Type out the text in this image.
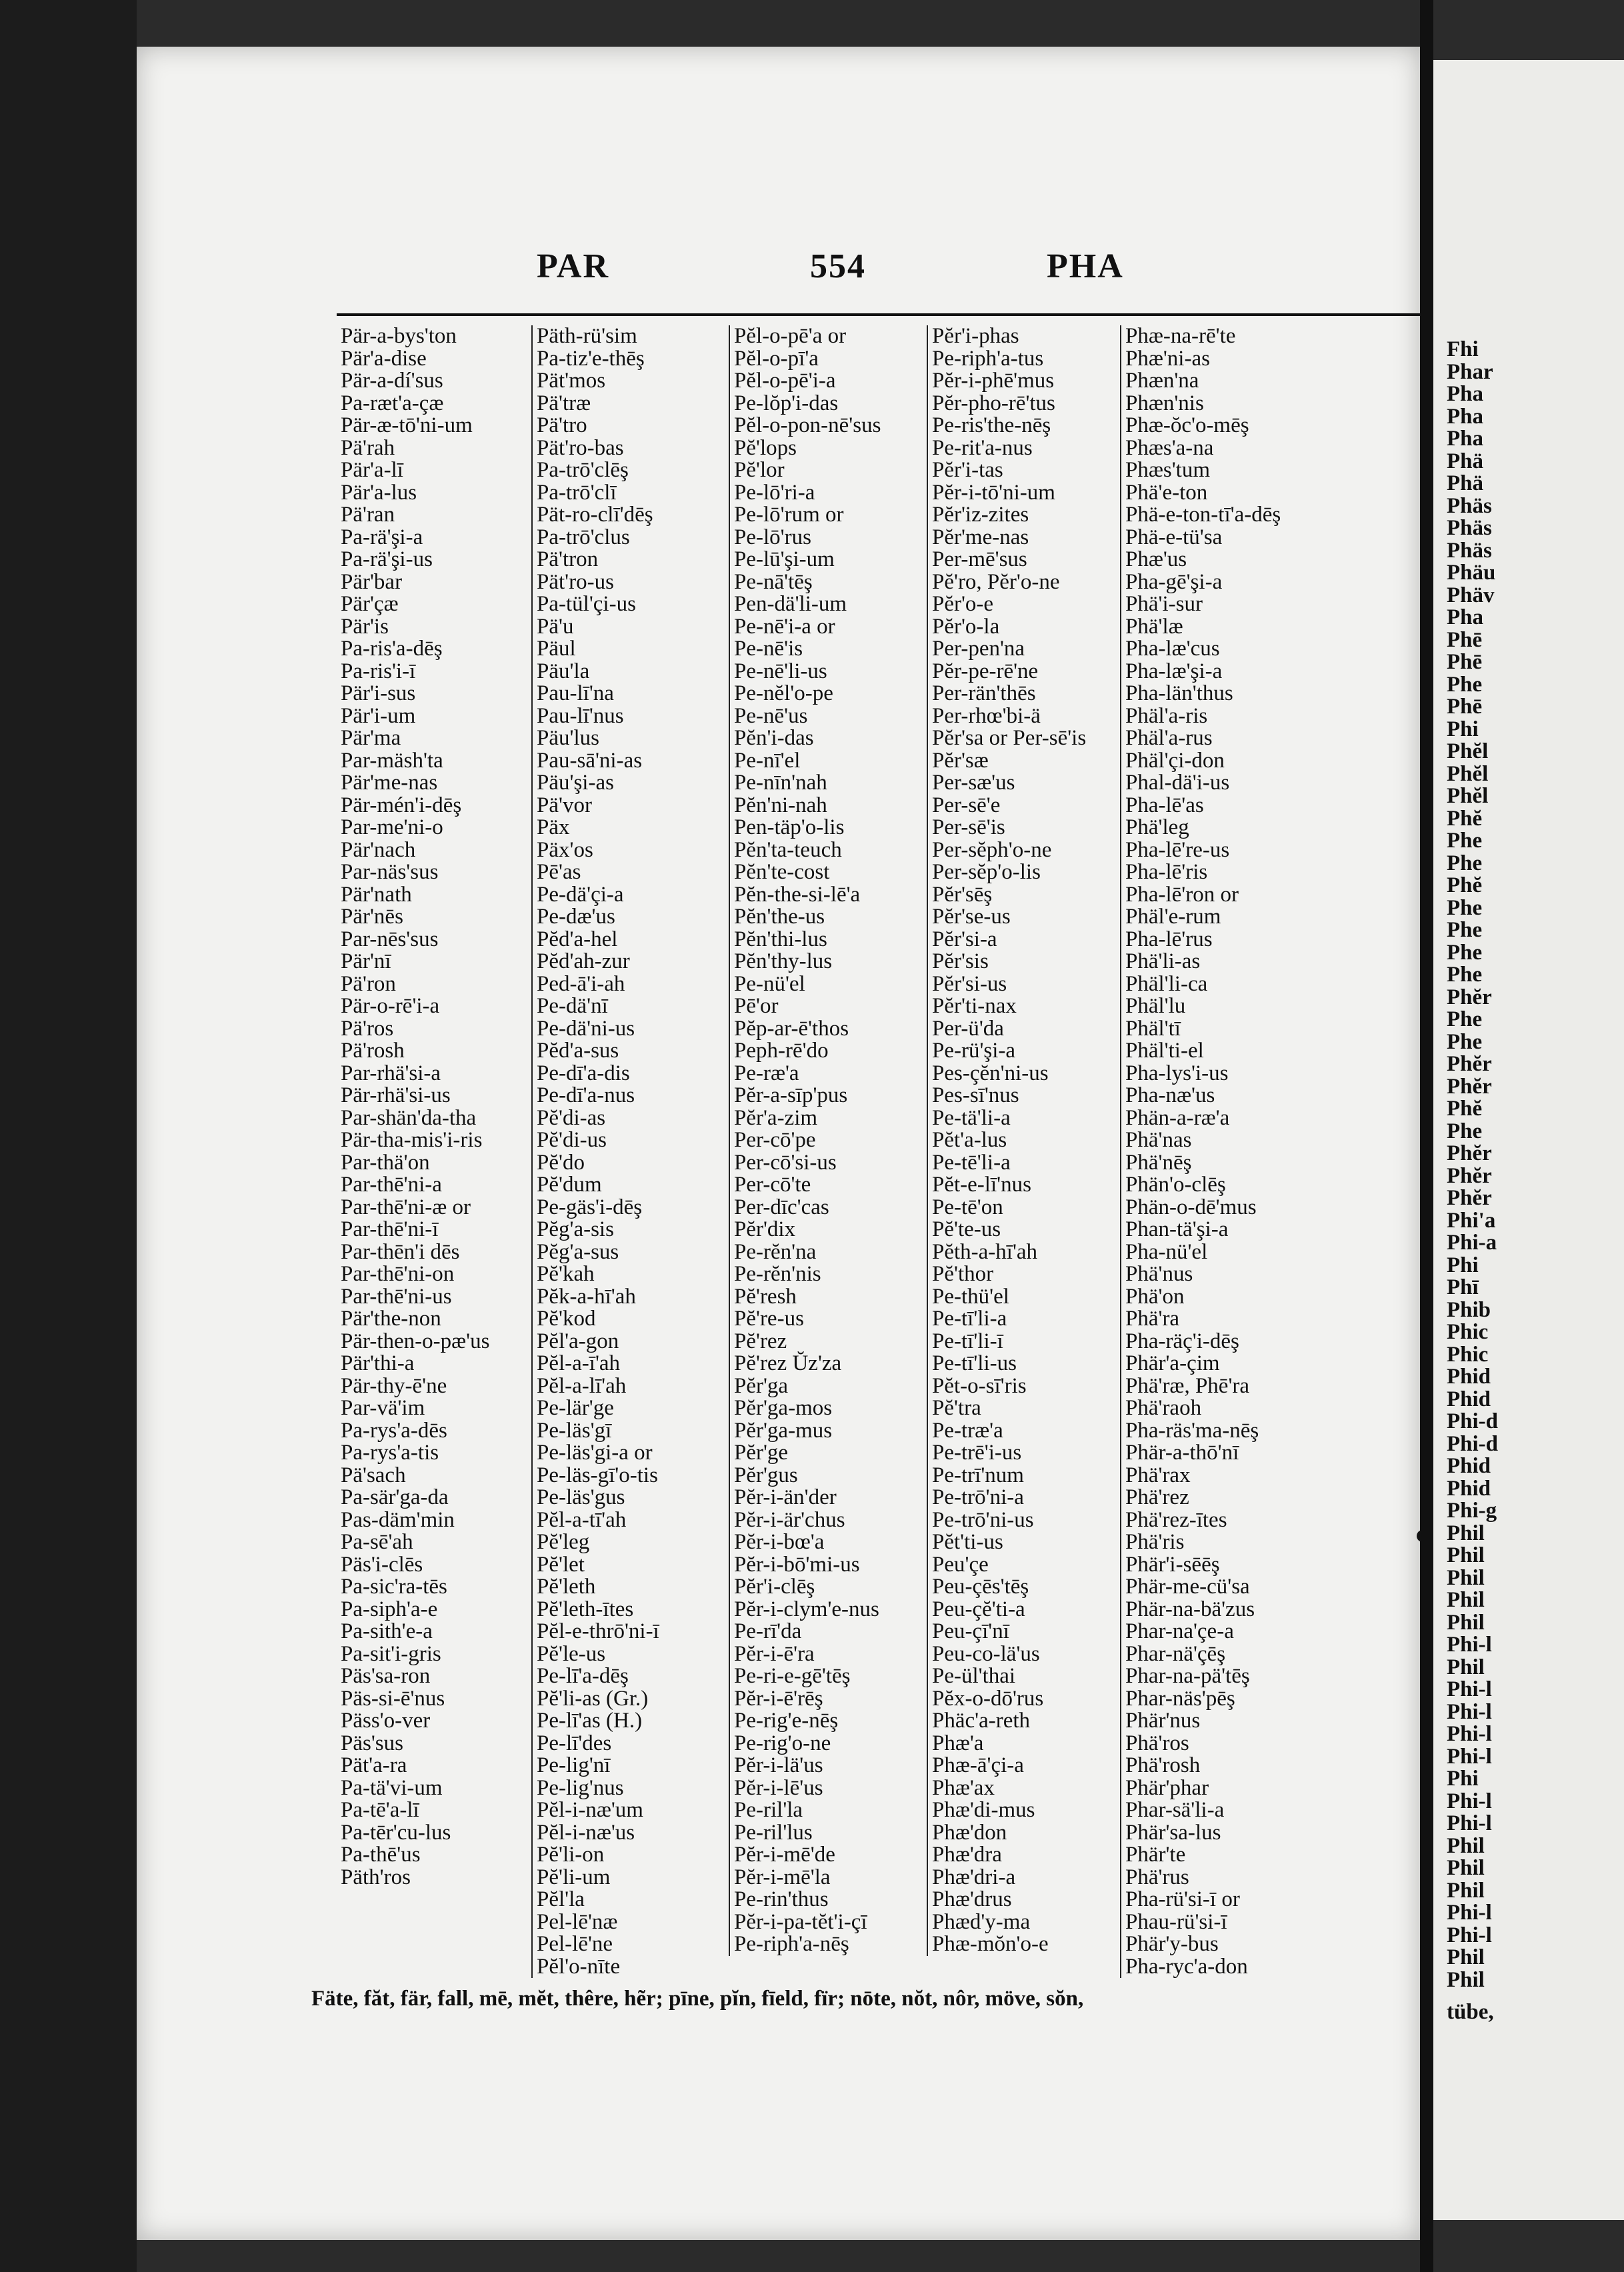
PAR	554	PHA
Pär-a-bys'ton
Pär'a-dise
Pär-a-dí'sus
Pa-ræt'a-çæ
Pär-æ-tō'ni-um
Pä'rah
Pär'a-lī
Pär'a-lus
Pä'ran
Pa-rä'şi-a
Pa-rä'şi-us
Pär'bar
Pär'çæ
Pär'is
Pa-ris'a-dēş
Pa-ris'i-ī
Pär'i-sus
Pär'i-um
Pär'ma
Par-mäsh'ta
Pär'me-nas
Pär-mén'i-dēş
Par-me'ni-o
Pär'nach
Par-näs'sus
Pär'nath
Pär'nēs
Par-nēs'sus
Pär'nī
Pä'ron
Pär-o-rē'i-a
Pä'ros
Pä'rosh
Par-rhä'si-a
Pär-rhä'si-us
Par-shän'da-tha
Pär-tha-mis'i-ris
Par-thä'on
Par-thē'ni-a
Par-thē'ni-æ or
Par-thē'ni-ī
Par-thēn'i dēs
Par-thē'ni-on
Par-thē'ni-us
Pär'the-non
Pär-then-o-pæ'us
Pär'thi-a
Pär-thy-ē'ne
Par-vä'im
Pa-rys'a-dēs
Pa-rys'a-tis
Pä'sach
Pa-sär'ga-da
Pas-däm'min
Pa-sē'ah
Päs'i-clēs
Pa-sic'ra-tēs
Pa-siph'a-e
Pa-sith'e-a
Pa-sit'i-gris
Päs'sa-ron
Päs-si-ē'nus
Päss'o-ver
Päs'sus
Pät'a-ra
Pa-tä'vi-um
Pa-tē'a-lī
Pa-tēr'cu-lus
Pa-thē'us
Päth'ros
Päth-rü'sim
Pa-tiz'e-thēş
Pät'mos
Pä'træ
Pä'tro
Pät'ro-bas
Pa-trō'clēş
Pa-trō'clī
Pät-ro-clī'dēş
Pa-trō'clus
Pä'tron
Pät'ro-us
Pa-tül'çi-us
Pä'u
Päul
Päu'la
Pau-lī'na
Pau-lī'nus
Päu'lus
Pau-sā'ni-as
Päu'şi-as
Pä'vor
Päx
Päx'os
Pē'as
Pe-dä'çi-a
Pe-dæ'us
Pĕd'a-hel
Pĕd'ah-zur
Ped-ā'i-ah
Pe-dä'nī
Pe-dä'ni-us
Pĕd'a-sus
Pe-dī'a-dis
Pe-dī'a-nus
Pĕ'di-as
Pĕ'di-us
Pĕ'do
Pĕ'dum
Pe-gäs'i-dēş
Pĕg'a-sis
Pĕg'a-sus
Pĕ'kah
Pĕk-a-hī'ah
Pĕ'kod
Pĕl'a-gon
Pĕl-a-ī'ah
Pĕl-a-lī'ah
Pe-lär'ge
Pe-läs'gī
Pe-läs'gi-a or
Pe-läs-gī'o-tis
Pe-läs'gus
Pĕl-a-tī'ah
Pĕ'leg
Pĕ'let
Pĕ'leth
Pĕ'leth-ītes
Pĕl-e-thrō'ni-ī
Pĕ'le-us
Pe-lī'a-dēş
Pĕ'li-as (Gr.)
Pe-lī'as (H.)
Pe-lī'des
Pe-lig'nī
Pe-lig'nus
Pĕl-i-næ'um
Pĕl-i-næ'us
Pĕ'li-on
Pĕ'li-um
Pĕl'la
Pel-lē'næ
Pel-lē'ne
Pĕl'o-nīte
Pĕl-o-pē'a or
Pĕl-o-pī'a
Pĕl-o-pē'i-a
Pe-lŏp'i-das
Pĕl-o-pon-nē'sus
Pĕ'lops
Pĕ'lor
Pe-lō'ri-a
Pe-lō'rum or
Pe-lō'rus
Pe-lū'şi-um
Pe-nā'tēş
Pen-dä'li-um
Pe-nē'i-a or
Pe-nē'is
Pe-nē'li-us
Pe-nĕl'o-pe
Pe-nē'us
Pĕn'i-das
Pe-nī'el
Pe-nīn'nah
Pĕn'ni-nah
Pen-täp'o-lis
Pĕn'ta-teuch
Pĕn'te-cost
Pĕn-the-si-lē'a
Pĕn'the-us
Pĕn'thi-lus
Pĕn'thy-lus
Pe-nü'el
Pē'or
Pĕp-ar-ē'thos
Peph-rē'do
Pe-ræ'a
Pĕr-a-sīp'pus
Pĕr'a-zim
Per-cō'pe
Per-cō'si-us
Per-cō'te
Per-dīc'cas
Pĕr'dix
Pe-rĕn'na
Pe-rĕn'nis
Pĕ'resh
Pĕ're-us
Pĕ'rez
Pĕ'rez Ŭz'za
Pĕr'ga
Pĕr'ga-mos
Pĕr'ga-mus
Pĕr'ge
Pĕr'gus
Pĕr-i-än'der
Pĕr-i-är'chus
Pĕr-i-bœ'a
Pĕr-i-bō'mi-us
Pĕr'i-clēş
Pĕr-i-clym'e-nus
Pe-rī'da
Pĕr-i-ē'ra
Pe-ri-e-gē'tēş
Pĕr-i-ē'rēş
Pe-rig'e-nēş
Pe-rig'o-ne
Pĕr-i-lä'us
Pĕr-i-lē'us
Pe-ril'la
Pe-ril'lus
Pĕr-i-mē'de
Pĕr-i-mē'la
Pe-rin'thus
Pĕr-i-pa-tĕt'i-çī
Pe-riph'a-nēş
Pĕr'i-phas
Pe-riph'a-tus
Pĕr-i-phē'mus
Pĕr-pho-rē'tus
Pe-ris'the-nēş
Pe-rit'a-nus
Pĕr'i-tas
Pĕr-i-tō'ni-um
Pĕr'iz-zites
Pĕr'me-nas
Per-mē'sus
Pĕ'ro, Pĕr'o-ne
Pĕr'o-e
Pĕr'o-la
Per-pen'na
Pĕr-pe-rē'ne
Per-rän'thēs
Per-rhœ'bi-ä
Pĕr'sa or Per-sē'is
Pĕr'sæ
Per-sæ'us
Per-sē'e
Per-sē'is
Per-sĕph'o-ne
Per-sĕp'o-lis
Pĕr'sēş
Pĕr'se-us
Pĕr'si-a
Pĕr'sis
Pĕr'si-us
Pĕr'ti-nax
Per-ü'da
Pe-rü'şi-a
Pes-çĕn'ni-us
Pes-sī'nus
Pe-tä'li-a
Pĕt'a-lus
Pe-tē'li-a
Pĕt-e-lī'nus
Pe-tē'on
Pĕ'te-us
Pĕth-a-hī'ah
Pĕ'thor
Pe-thü'el
Pe-tī'li-a
Pe-tī'li-ī
Pe-tī'li-us
Pĕt-o-sī'ris
Pĕ'tra
Pe-træ'a
Pe-trē'i-us
Pe-trī'num
Pe-trō'ni-a
Pe-trō'ni-us
Pĕt'ti-us
Peu'çe
Peu-çēs'tēş
Peu-çĕ'ti-a
Peu-çī'nī
Peu-co-lä'us
Pe-ül'thai
Pĕx-o-dō'rus
Phäc'a-reth
Phæ'a
Phæ-ā'çi-a
Phæ'ax
Phæ'di-mus
Phæ'don
Phæ'dra
Phæ'dri-a
Phæ'drus
Phæd'y-ma
Phæ-mŏn'o-e
Phæ-na-rē'te
Phæ'ni-as
Phæn'na
Phæn'nis
Phæ-ŏc'o-mēş
Phæs'a-na
Phæs'tum
Phä'e-ton
Phä-e-ton-tī'a-dēş
Phä-e-tü'sa
Phæ'us
Pha-gē'şi-a
Phä'i-sur
Phä'læ
Pha-læ'cus
Pha-læ'şi-a
Pha-län'thus
Phäl'a-ris
Phäl'a-rus
Phäl'çi-don
Phal-dä'i-us
Pha-lē'as
Phä'leg
Pha-lē're-us
Pha-lē'ris
Pha-lē'ron or
Phäl'e-rum
Pha-lē'rus
Phä'li-as
Phäl'li-ca
Phäl'lu
Phäl'tī
Phäl'ti-el
Pha-lys'i-us
Pha-næ'us
Phän-a-ræ'a
Phä'nas
Phä'nēş
Phän'o-clēş
Phän-o-dē'mus
Phan-tä'şi-a
Pha-nü'el
Phä'nus
Phä'on
Phä'ra
Pha-räç'i-dēş
Phär'a-çim
Phä'ræ, Phē'ra
Phä'raoh
Pha-räs'ma-nēş
Phär-a-thō'nī
Phä'rax
Phä'rez
Phä'rez-ītes
Phä'ris
Phär'i-sēēş
Phär-me-cü'sa
Phär-na-bä'zus
Phar-na'çe-a
Phar-nä'çēş
Phar-na-pä'tēş
Phar-näs'pēş
Phär'nus
Phä'ros
Phä'rosh
Phär'phar
Phar-sä'li-a
Phär'sa-lus
Phär'te
Phä'rus
Pha-rü'si-ī or
Phau-rü'si-ī
Phär'y-bus
Pha-ryc'a-don
Fäte, făt, fär, fall, mē, mĕt, thêre, hẽr; pīne, pĭn, fīeld, fïr; nōte, nŏt, nôr, möve, sŏn,
Fhi
Phar
Pha
Pha
Pha
Phä
Phä
Phäs
Phäs
Phäs
Phäu
Phäv
Pha
Phē
Phē
Phe
Phē
Phi
Phĕl
Phĕl
Phĕl
Phĕ
Phe
Phe
Phĕ
Phe
Phe
Phe
Phe
Phĕr
Phe
Phe
Phĕr
Phĕr
Phĕ
Phe
Phĕr
Phĕr
Phĕr
Phi'a
Phi-a
Phi
Phī
Phib
Phic
Phic
Phid
Phid
Phi-d
Phi-d
Phid
Phid
Phi-g
Phil
Phil
Phil
Phil
Phil
Phi-l
Phil
Phi-l
Phi-l
Phi-l
Phi-l
Phi
Phi-l
Phi-l
Phil
Phil
Phil
Phi-l
Phi-l
Phil
Phil
tübe,
